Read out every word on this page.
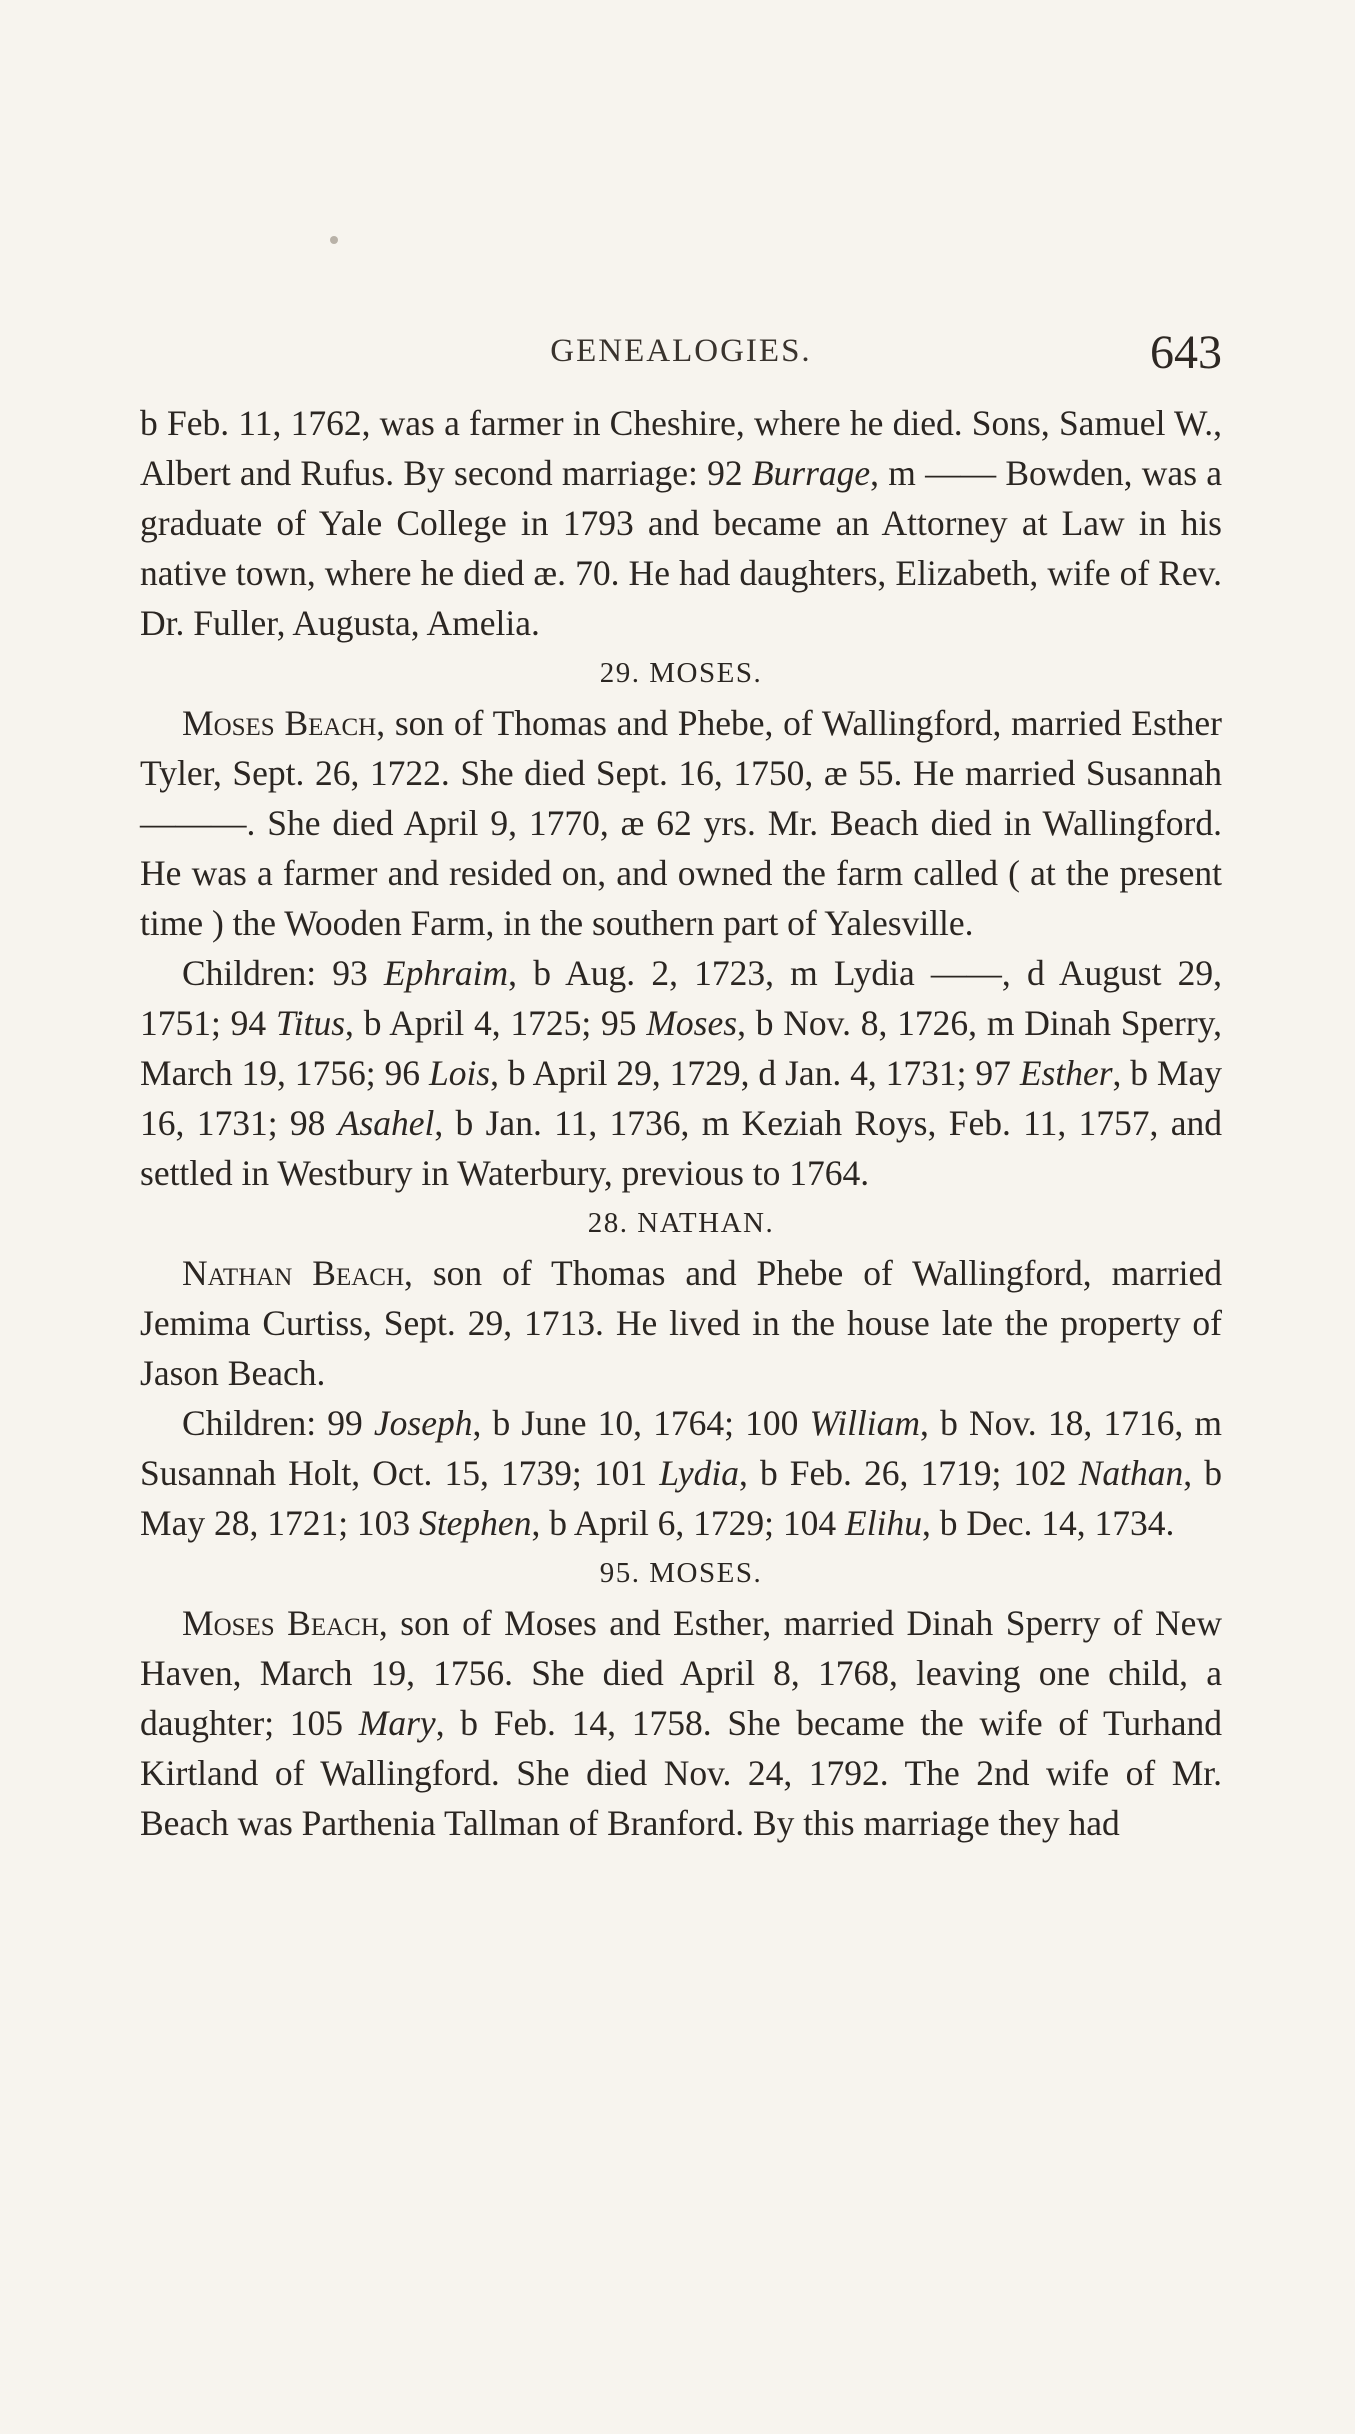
GENEALOGIES.	643

b Feb. 11, 1762, was a farmer in Cheshire, where he died. Sons, Samuel W., Albert and Rufus. By second marriage: 92 Burrage, m —— Bowden, was a graduate of Yale College in 1793 and became an Attorney at Law in his native town, where he died æ. 70. He had daughters, Elizabeth, wife of Rev. Dr. Fuller, Augusta, Amelia.

29. MOSES.

Moses Beach, son of Thomas and Phebe, of Wallingford, married Esther Tyler, Sept. 26, 1722. She died Sept. 16, 1750, æ 55. He married Susannah ———. She died April 9, 1770, æ 62 yrs. Mr. Beach died in Wallingford. He was a farmer and resided on, and owned the farm called ( at the present time ) the Wooden Farm, in the southern part of Yalesville.

Children: 93 Ephraim, b Aug. 2, 1723, m Lydia ——, d August 29, 1751; 94 Titus, b April 4, 1725; 95 Moses, b Nov. 8, 1726, m Dinah Sperry, March 19, 1756; 96 Lois, b April 29, 1729, d Jan. 4, 1731; 97 Esther, b May 16, 1731; 98 Asahel, b Jan. 11, 1736, m Keziah Roys, Feb. 11, 1757, and settled in Westbury in Waterbury, previous to 1764.

28. NATHAN.

Nathan Beach, son of Thomas and Phebe of Wallingford, married Jemima Curtiss, Sept. 29, 1713. He lived in the house late the property of Jason Beach.

Children: 99 Joseph, b June 10, 1764; 100 William, b Nov. 18, 1716, m Susannah Holt, Oct. 15, 1739; 101 Lydia, b Feb. 26, 1719; 102 Nathan, b May 28, 1721; 103 Stephen, b April 6, 1729; 104 Elihu, b Dec. 14, 1734.

95. MOSES.

Moses Beach, son of Moses and Esther, married Dinah Sperry of New Haven, March 19, 1756. She died April 8, 1768, leaving one child, a daughter; 105 Mary, b Feb. 14, 1758. She became the wife of Turhand Kirtland of Wallingford. She died Nov. 24, 1792. The 2nd wife of Mr. Beach was Parthenia Tallman of Branford. By this marriage they had
